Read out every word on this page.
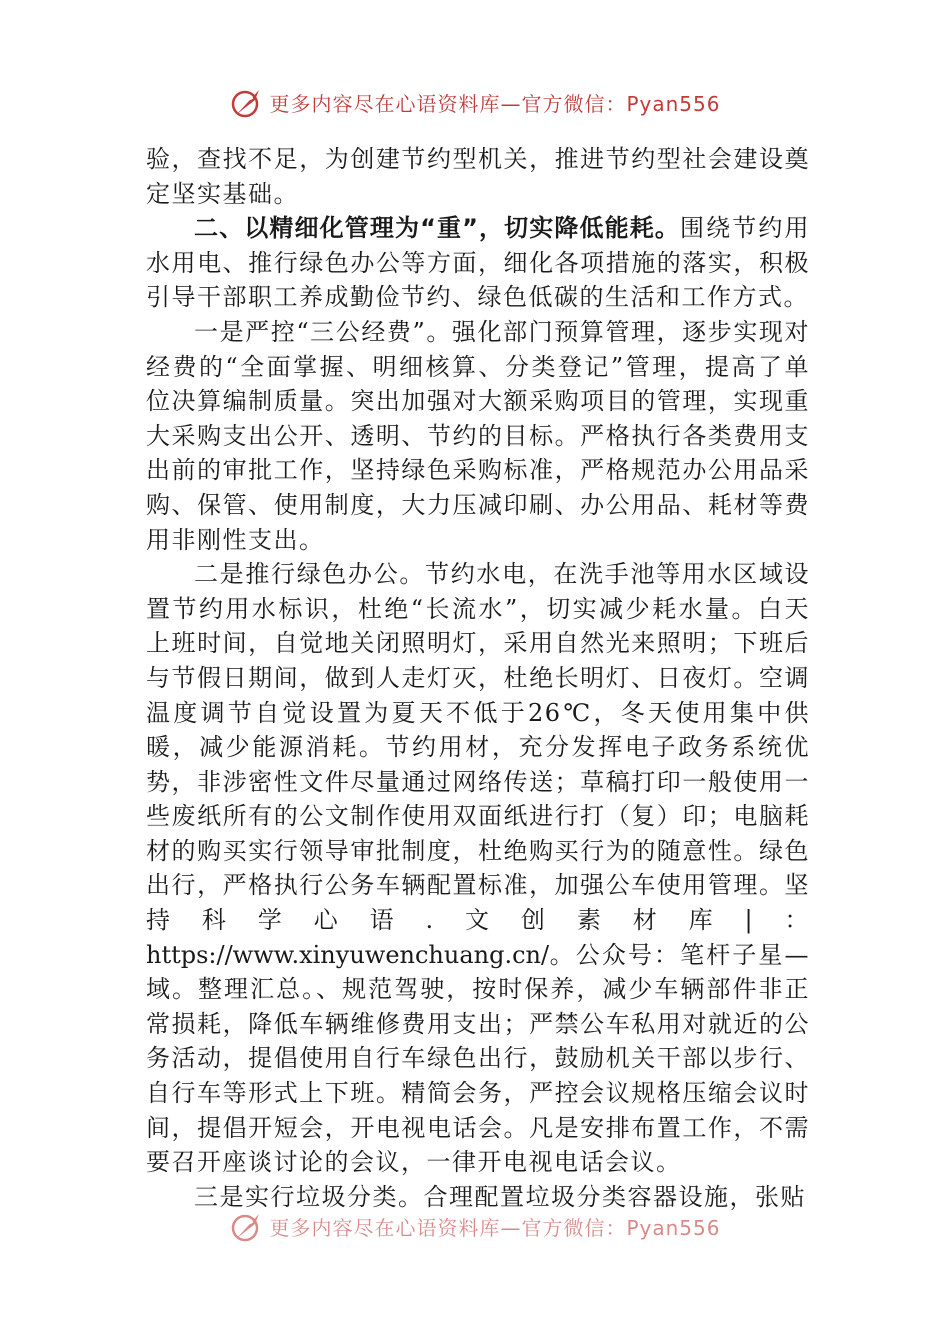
更多内容尽在心语资料库—官方微信：Pyan556

验，查找不足，为创建节约型机关，推进节约型社会建设奠定坚实基础。

二、以精细化管理为“重”，切实降低能耗。围绕节约用水用电、推行绿色办公等方面，细化各项措施的落实，积极引导干部职工养成勤俭节约、绿色低碳的生活和工作方式。

一是严控“三公经费”。强化部门预算管理，逐步实现对经费的“全面掌握、明细核算、分类登记”管理，提高了单位决算编制质量。突出加强对大额采购项目的管理，实现重大采购支出公开、透明、节约的目标。严格执行各类费用支出前的审批工作，坚持绿色采购标准，严格规范办公用品采购、保管、使用制度，大力压减印刷、办公用品、耗材等费用非刚性支出。

二是推行绿色办公。节约水电，在洗手池等用水区域设置节约用水标识，杜绝“长流水”，切实减少耗水量。白天上班时间，自觉地关闭照明灯，采用自然光来照明；下班后与节假日期间，做到人走灯灭，杜绝长明灯、日夜灯。空调温度调节自觉设置为夏天不低于26℃，冬天使用集中供暖，减少能源消耗。节约用材，充分发挥电子政务系统优势，非涉密性文件尽量通过网络传送；草稿打印一般使用一些废纸所有的公文制作使用双面纸进行打（复）印；电脑耗材的购买实行领导审批制度，杜绝购买行为的随意性。绿色出行，严格执行公务车辆配置标准，加强公车使用管理。坚持科学心语.文创素材库|：https://www.xinyuwenchuang.cn/。公众号：笔杆子星—域。整理汇总。、规范驾驶，按时保养，减少车辆部件非正常损耗，降低车辆维修费用支出；严禁公车私用对就近的公务活动，提倡使用自行车绿色出行，鼓励机关干部以步行、自行车等形式上下班。精简会务，严控会议规格压缩会议时间，提倡开短会，开电视电话会。凡是安排布置工作，不需要召开座谈讨论的会议，一律开电视电话会议。

三是实行垃圾分类。合理配置垃圾分类容器设施，张贴

更多内容尽在心语资料库—官方微信：Pyan556
